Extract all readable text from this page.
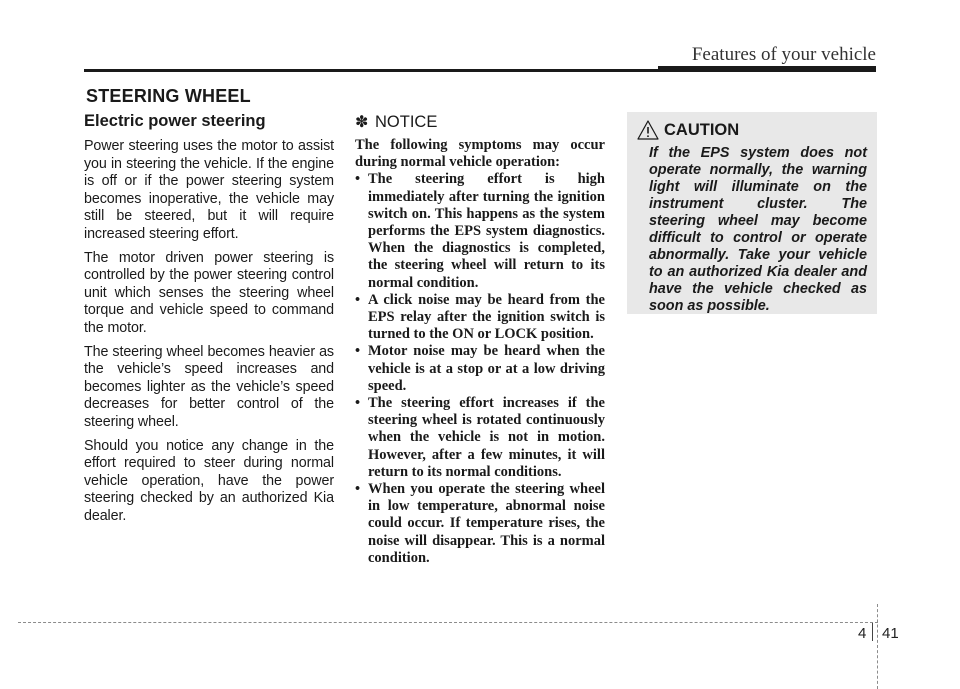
Features of your vehicle
STEERING WHEEL
Electric power steering

Power steering uses the motor to assist you in steering the vehicle. If the engine is off or if the power steering system becomes inoperative, the vehicle may still be steered, but it will require increased steering effort.

The motor driven power steering is controlled by the power steering control unit which senses the steering wheel torque and vehicle speed to command the motor.

The steering wheel becomes heavier as the vehicle’s speed increases and becomes lighter as the vehicle’s speed decreases for better control of the steering wheel.

Should you notice any change in the effort required to steer during normal vehicle operation, have the power steering checked by an authorized Kia dealer.

✽ NOTICE

The following symptoms may occur during normal vehicle operation:

• The steering effort is high immediately after turning the ignition switch on. This happens as the system performs the EPS system diagnostics. When the diagnostics is completed, the steering wheel will return to its normal condition.
• A click noise may be heard from the EPS relay after the ignition switch is turned to the ON or LOCK position.
• Motor noise may be heard when the vehicle is at a stop or at a low driving speed.
• The steering effort increases if the steering wheel is rotated continuously when the vehicle is not in motion. However, after a few minutes, it will return to its normal conditions.
• When you operate the steering wheel in low temperature, abnormal noise could occur. If temperature rises, the noise will disappear. This is a normal condition.
CAUTION

If the EPS system does not operate normally, the warning light will illuminate on the instrument cluster. The steering wheel may become difficult to control or operate abnormally. Take your vehicle to an authorized Kia dealer and have the vehicle checked as soon as possible.

4 41
